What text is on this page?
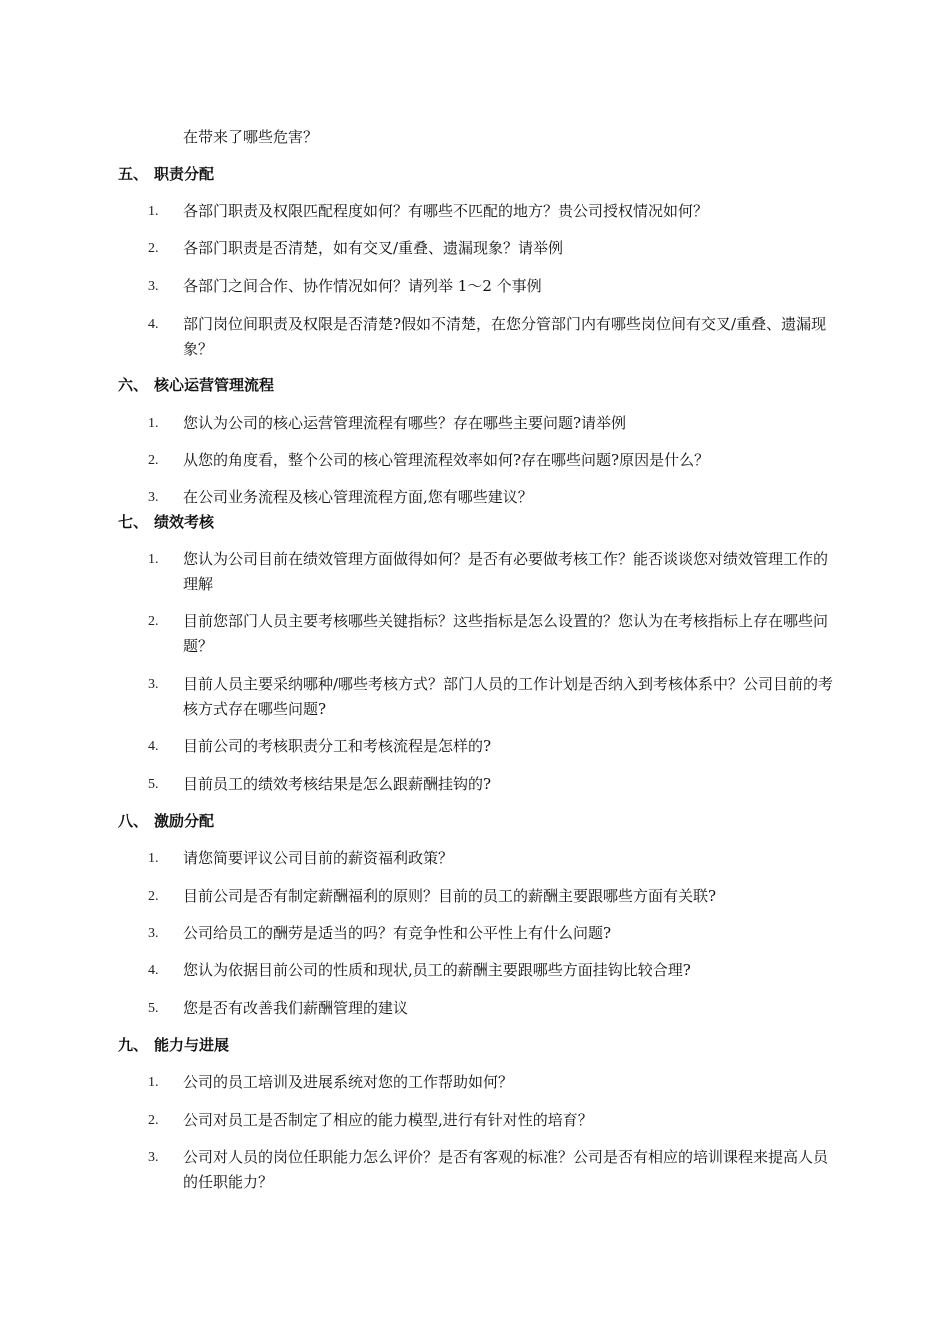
在带来了哪些危害？
五、 职责分配
1.	各部门职责及权限匹配程度如何？有哪些不匹配的地方？贵公司授权情况如何？
2.	各部门职责是否清楚，如有交叉/重叠、遗漏现象？请举例
3.	各部门之间合作、协作情况如何？请列举 1～2 个事例
4.	部门岗位间职责及权限是否清楚?假如不清楚，在您分管部门内有哪些岗位间有交叉/重叠、遗漏现象？
六、 核心运营管理流程
1.	您认为公司的核心运营管理流程有哪些？存在哪些主要问题?请举例
2.	从您的角度看，整个公司的核心管理流程效率如何?存在哪些问题?原因是什么？
3.	在公司业务流程及核心管理流程方面,您有哪些建议？
七、 绩效考核
1.	您认为公司目前在绩效管理方面做得如何？是否有必要做考核工作？能否谈谈您对绩效管理工作的理解
2.	目前您部门人员主要考核哪些关键指标？这些指标是怎么设置的？您认为在考核指标上存在哪些问题？
3.	目前人员主要采纳哪种/哪些考核方式？部门人员的工作计划是否纳入到考核体系中？公司目前的考核方式存在哪些问题?
4.	目前公司的考核职责分工和考核流程是怎样的?
5.	目前员工的绩效考核结果是怎么跟薪酬挂钩的?
八、 激励分配
1.	请您简要评议公司目前的薪资福利政策？
2.	目前公司是否有制定薪酬福利的原则？目前的员工的薪酬主要跟哪些方面有关联?
3.	公司给员工的酬劳是适当的吗？有竞争性和公平性上有什么问题?
4.	您认为依据目前公司的性质和现状,员工的薪酬主要跟哪些方面挂钩比较合理?
5.	您是否有改善我们薪酬管理的建议
九、 能力与进展
1.	公司的员工培训及进展系统对您的工作帮助如何？
2.	公司对员工是否制定了相应的能力模型,进行有针对性的培育？
3.	公司对人员的岗位任职能力怎么评价？是否有客观的标准？公司是否有相应的培训课程来提高人员的任职能力？
